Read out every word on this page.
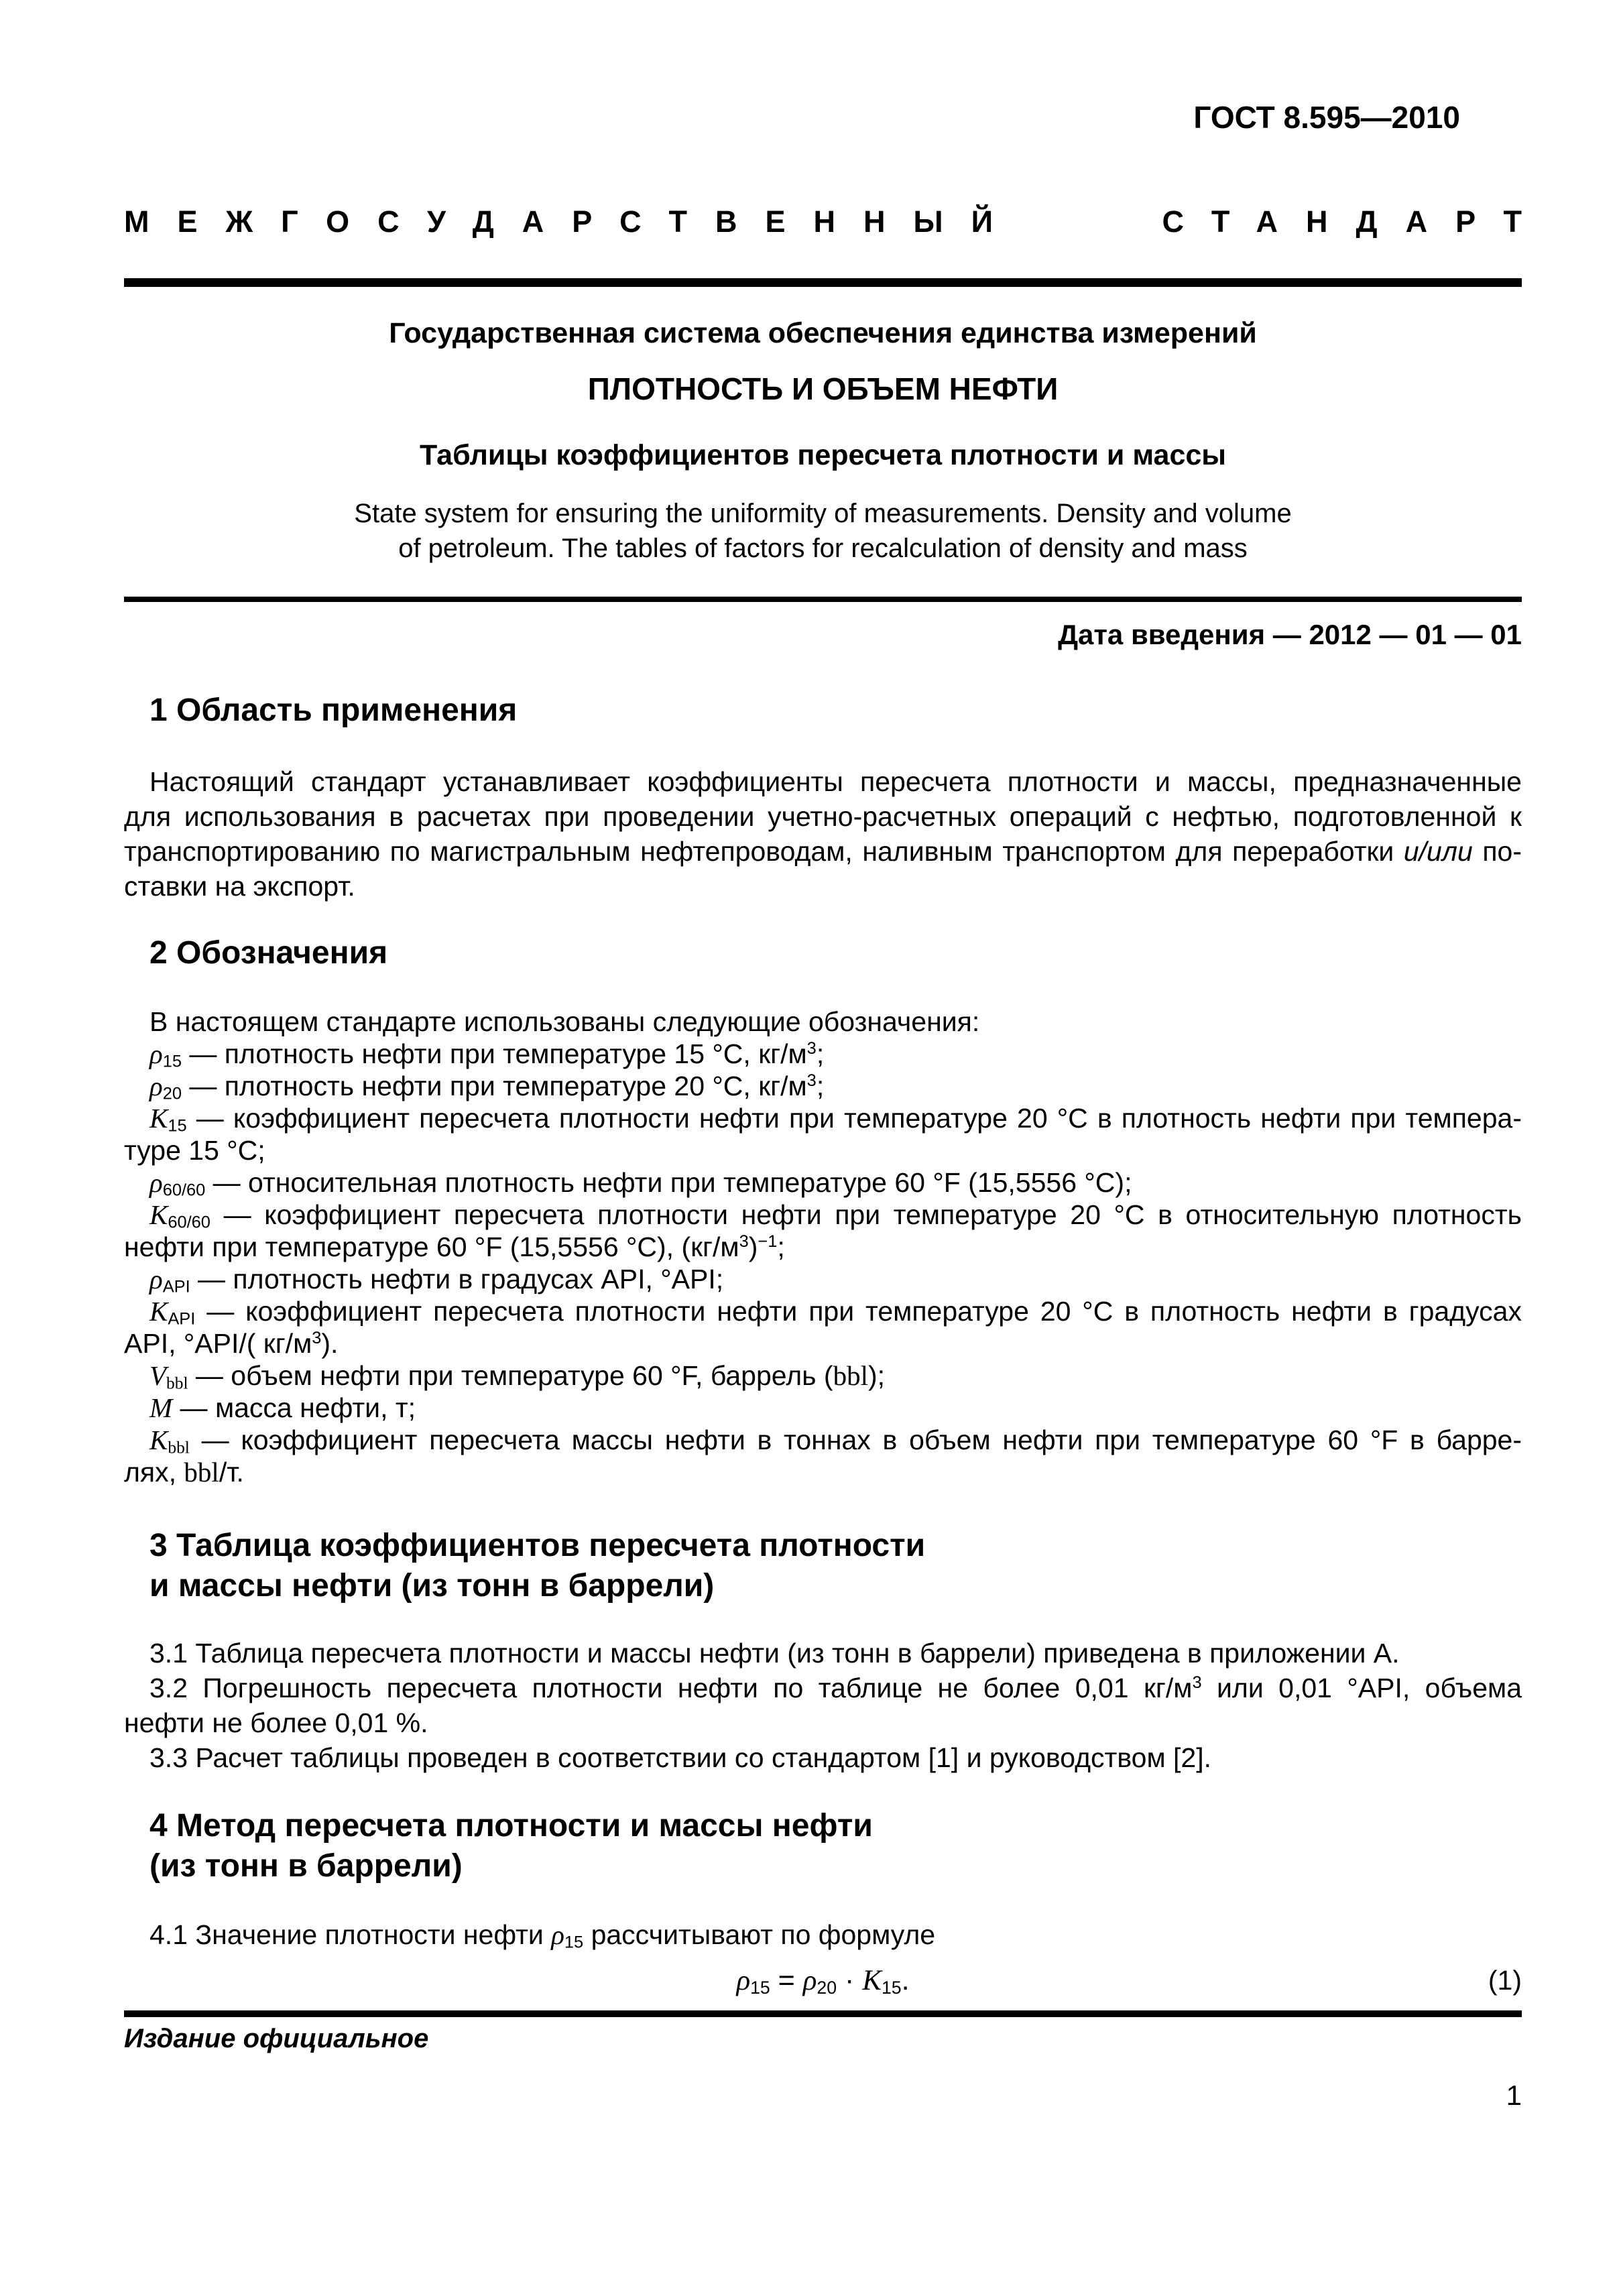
ГОСТ 8.595—2010
МЕЖГОСУДАРСТВЕННЫЙ	СТАНДАРТ
Государственная система обеспечения единства измерений
ПЛОТНОСТЬ И ОБЪЕМ НЕФТИ
Таблицы коэффициентов пересчета плотности и массы
State system for ensuring the uniformity of measurements. Density and volume
of petroleum. The tables of factors for recalculation of density and mass
Дата введения — 2012 — 01 — 01
1 Область применения
Настоящий стандарт устанавливает коэффициенты пересчета плотности и массы, предназначенные
для использования в расчетах при проведении учетно-расчетных операций с нефтью, подготовленной к
транспортированию по магистральным нефтепроводам, наливным транспортом для переработки и/или по-
ставки на экспорт.
2 Обозначения
В настоящем стандарте использованы следующие обозначения:
$\rho_{15}$ — плотность нефти при температуре 15 °С, $кг/м^3$;
$\rho_{20}$ — плотность нефти при температуре 20 °С, $кг/м^3$;
$K_{15}$ — коэффициент пересчета плотности нефти при температуре 20 °С в плотность нефти при темпера-
туре 15 °С;
$\rho_{60/60}$ — относительная плотность нефти при температуре 60 °F (15,5556 °С);
$K_{60/60}$ — коэффициент пересчета плотности нефти при температуре 20 °С в относительную плотность
нефти при температуре 60 °F (15,5556 °С), $(кг/м^3)^{-1}$;
$\rho_{API}$ — плотность нефти в градусах API, °API;
$K_{API}$ — коэффициент пересчета плотности нефти при температуре 20 °С в плотность нефти в градусах
API, °API/( $кг/м^3$).
$V_{bbl}$ — объем нефти при температуре 60 °F, баррель (bbl);
M — масса нефти, т;
$K_{bbl}$ — коэффициент пересчета массы нефти в тоннах в объем нефти при температуре 60 °F в барре-
лях, bbl/т.
3 Таблица коэффициентов пересчета плотности
и массы нефти (из тонн в баррели)
3.1 Таблица пересчета плотности и массы нефти (из тонн в баррели) приведена в приложении А.
3.2 Погрешность пересчета плотности нефти по таблице не более 0,01 $кг/м^3$ или 0,01 °API, объема
нефти не более 0,01 %.
3.3 Расчет таблицы проведен в соответствии со стандартом [1] и руководством [2].
4 Метод пересчета плотности и массы нефти
(из тонн в баррели)
4.1 Значение плотности нефти $\rho_{15}$ рассчитывают по формуле
$\rho_{15} = \rho_{20} \cdot K_{15}$.	(1)
Издание официальное
1
